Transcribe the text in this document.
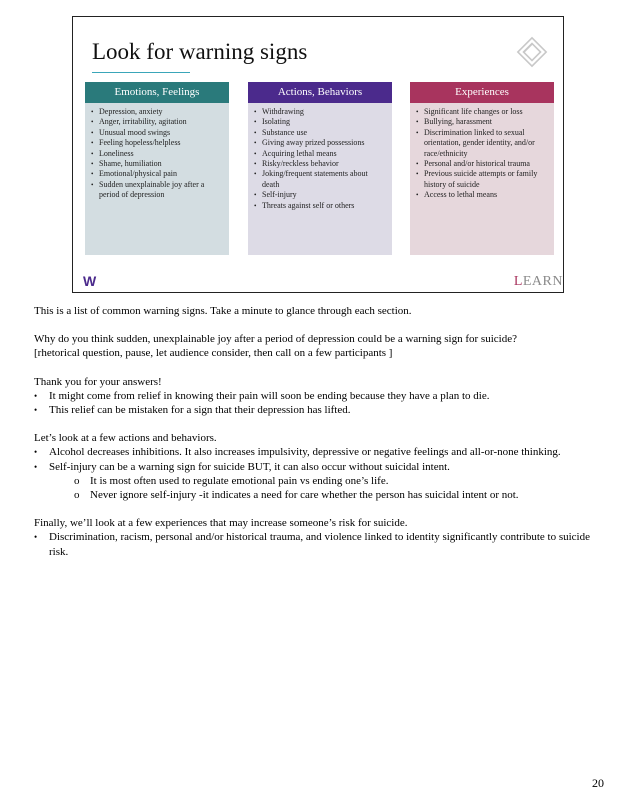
Look for warning signs
Emotions, Feelings
• Depression, anxiety
• Anger, irritability, agitation
• Unusual mood swings
• Feeling hopeless/helpless
• Loneliness
• Shame, humiliation
• Emotional/physical pain
• Sudden unexplainable joy after a period of depression
Actions, Behaviors
• Withdrawing
• Isolating
• Substance use
• Giving away prized possessions
• Acquiring lethal means
• Risky/reckless behavior
• Joking/frequent statements about death
• Self-injury
• Threats against self or others
Experiences
• Significant life changes or loss
• Bullying, harassment
• Discrimination linked to sexual orientation, gender identity, and/or race/ethnicity
• Personal and/or historical trauma
• Previous suicide attempts or family history of suicide
• Access to lethal means
W	LEARN

This is a list of common warning signs. Take a minute to glance through each section.

Why do you think sudden, unexplainable joy after a period of depression could be a warning sign for suicide?

[rhetorical question, pause, let audience consider, then call on a few participants ]

Thank you for your answers!

• It might come from relief in knowing their pain will soon be ending because they have a plan to die.

• This relief can be mistaken for a sign that their depression has lifted.

Let’s look at a few actions and behaviors.

• Alcohol decreases inhibitions. It also increases impulsivity, depressive or negative feelings and all-or-none thinking.

• Self-injury can be a warning sign for suicide BUT, it can also occur without suicidal intent.

o It is most often used to regulate emotional pain vs ending one’s life.

o Never ignore self-injury -it indicates a need for care whether the person has suicidal intent or not.

Finally, we’ll look at a few experiences that may increase someone’s risk for suicide.

• Discrimination, racism, personal and/or historical trauma, and violence linked to identity significantly contribute to suicide risk.

20
